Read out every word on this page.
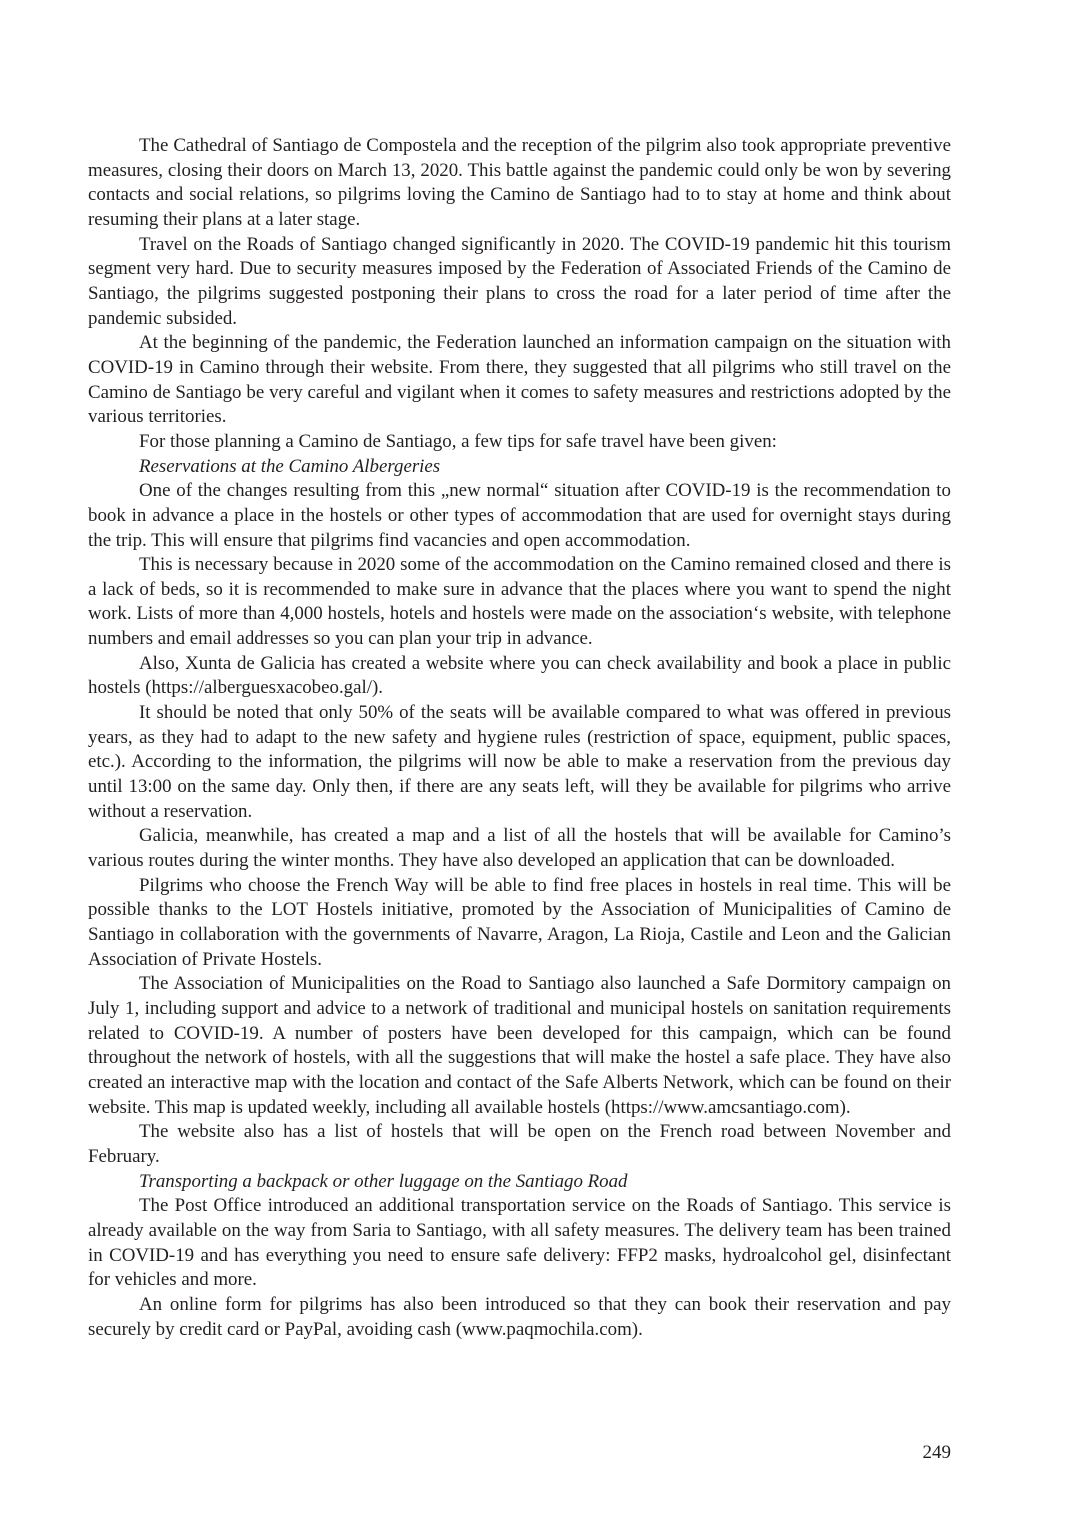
The Cathedral of Santiago de Compostela and the reception of the pilgrim also took appropriate preventive measures, closing their doors on March 13, 2020. This battle against the pandemic could only be won by severing contacts and social relations, so pilgrims loving the Camino de Santiago had to to stay at home and think about resuming their plans at a later stage.

Travel on the Roads of Santiago changed significantly in 2020. The COVID-19 pandemic hit this tourism segment very hard. Due to security measures imposed by the Federation of Associated Friends of the Camino de Santiago, the pilgrims suggested postponing their plans to cross the road for a later period of time after the pandemic subsided.

At the beginning of the pandemic, the Federation launched an information campaign on the situation with COVID-19 in Camino through their website. From there, they suggested that all pilgrims who still travel on the Camino de Santiago be very careful and vigilant when it comes to safety measures and restrictions adopted by the various territories.

For those planning a Camino de Santiago, a few tips for safe travel have been given:

Reservations at the Camino Albergeries

One of the changes resulting from this „new normal“ situation after COVID-19 is the recommendation to book in advance a place in the hostels or other types of accommodation that are used for overnight stays during the trip. This will ensure that pilgrims find vacancies and open accommodation.

This is necessary because in 2020 some of the accommodation on the Camino remained closed and there is a lack of beds, so it is recommended to make sure in advance that the places where you want to spend the night work. Lists of more than 4,000 hostels, hotels and hostels were made on the association‘s website, with telephone numbers and email addresses so you can plan your trip in advance.

Also, Xunta de Galicia has created a website where you can check availability and book a place in public hostels (https://alberguesxacobeo.gal/).

It should be noted that only 50% of the seats will be available compared to what was offered in previous years, as they had to adapt to the new safety and hygiene rules (restriction of space, equipment, public spaces, etc.). According to the information, the pilgrims will now be able to make a reservation from the previous day until 13:00 on the same day. Only then, if there are any seats left, will they be available for pilgrims who arrive without a reservation.

Galicia, meanwhile, has created a map and a list of all the hostels that will be available for Camino’s various routes during the winter months. They have also developed an application that can be downloaded.

Pilgrims who choose the French Way will be able to find free places in hostels in real time. This will be possible thanks to the LOT Hostels initiative, promoted by the Association of Municipalities of Camino de Santiago in collaboration with the governments of Navarre, Aragon, La Rioja, Castile and Leon and the Galician Association of Private Hostels.

The Association of Municipalities on the Road to Santiago also launched a Safe Dormitory campaign on July 1, including support and advice to a network of traditional and municipal hostels on sanitation requirements related to COVID-19. A number of posters have been developed for this campaign, which can be found throughout the network of hostels, with all the suggestions that will make the hostel a safe place. They have also created an interactive map with the location and contact of the Safe Alberts Network, which can be found on their website. This map is updated weekly, including all available hostels (https://www.amcsantiago.com).

The website also has a list of hostels that will be open on the French road between November and February.

Transporting a backpack or other luggage on the Santiago Road

The Post Office introduced an additional transportation service on the Roads of Santiago. This service is already available on the way from Saria to Santiago, with all safety measures. The delivery team has been trained in COVID-19 and has everything you need to ensure safe delivery: FFP2 masks, hydroalcohol gel, disinfectant for vehicles and more.

An online form for pilgrims has also been introduced so that they can book their reservation and pay securely by credit card or PayPal, avoiding cash (www.paqmochila.com).

249
